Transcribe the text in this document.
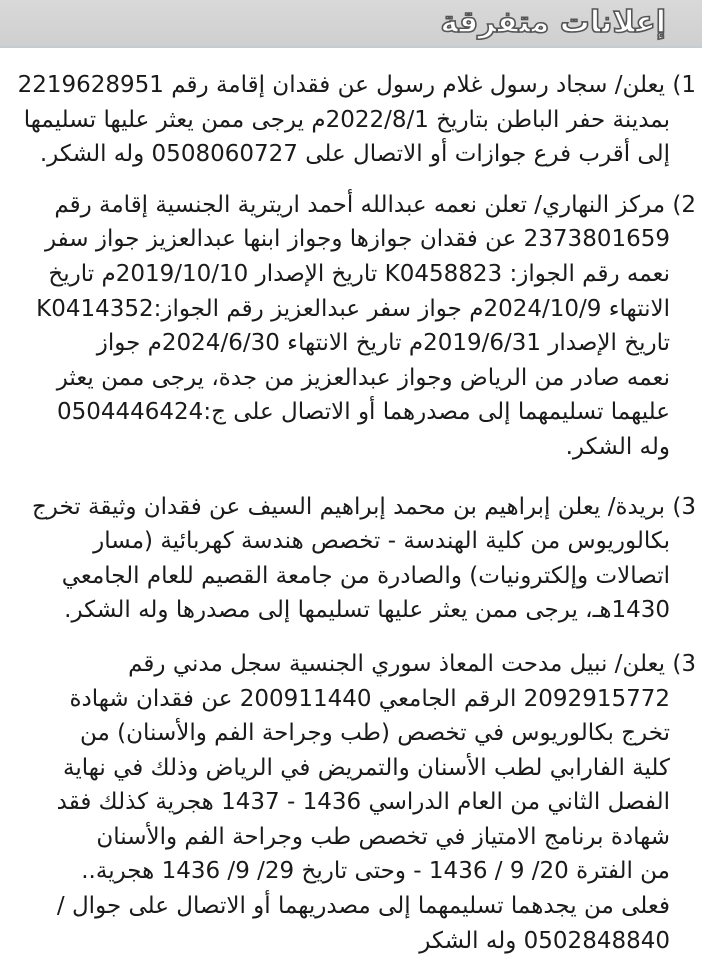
إعلانات متفرقة
1) يعلن/ سجاد رسول غلام رسول عن فقدان إقامة رقم 2219628951
بمدينة حفر الباطن بتاريخ 2022/8/1م يرجى ممن يعثر عليها تسليمها
إلى أقرب فرع جوازات أو الاتصال على 0508060727 وله الشكر.
2) مركز النهاري/ تعلن نعمه عبدالله أحمد اريترية الجنسية إقامة رقم
2373801659 عن فقدان جوازها وجواز ابنها عبدالعزيز جواز سفر
نعمه رقم الجواز: K0458823 تاريخ الإصدار 2019/10/10م تاريخ
الانتهاء 2024/10/9م جواز سفر عبدالعزيز رقم الجواز:K0414352
تاريخ الإصدار 2019/6/31م تاريخ الانتهاء 2024/6/30م جواز
نعمه صادر من الرياض وجواز عبدالعزيز من جدة، يرجى ممن يعثر
عليهما تسليمهما إلى مصدرهما أو الاتصال على ج:0504446424
وله الشكر.
3) بريدة/ يعلن إبراهيم بن محمد إبراهيم السيف عن فقدان وثيقة تخرج
بكالوريوس من كلية الهندسة - تخصص هندسة كهربائية (مسار
اتصالات وإلكترونيات) والصادرة من جامعة القصيم للعام الجامعي
1430هـ، يرجى ممن يعثر عليها تسليمها إلى مصدرها وله الشكر.
3) يعلن/ نبيل مدحت المعاذ سوري الجنسية سجل مدني رقم
2092915772 الرقم الجامعي 200911440 عن فقدان شهادة
تخرج بكالوريوس في تخصص (طب وجراحة الفم والأسنان) من
كلية الفارابي لطب الأسنان والتمريض في الرياض وذلك في نهاية
الفصل الثاني من العام الدراسي 1436 - 1437 هجرية كذلك فقد
شهادة برنامج الامتياز في تخصص طب وجراحة الفم والأسنان
من الفترة 20/ 9 / 1436 - وحتى تاريخ 29/ 9/ 1436 هجرية..
فعلى من يجدهما تسليمهما إلى مصدريهما أو الاتصال على جوال /
0502848840 وله الشكر
